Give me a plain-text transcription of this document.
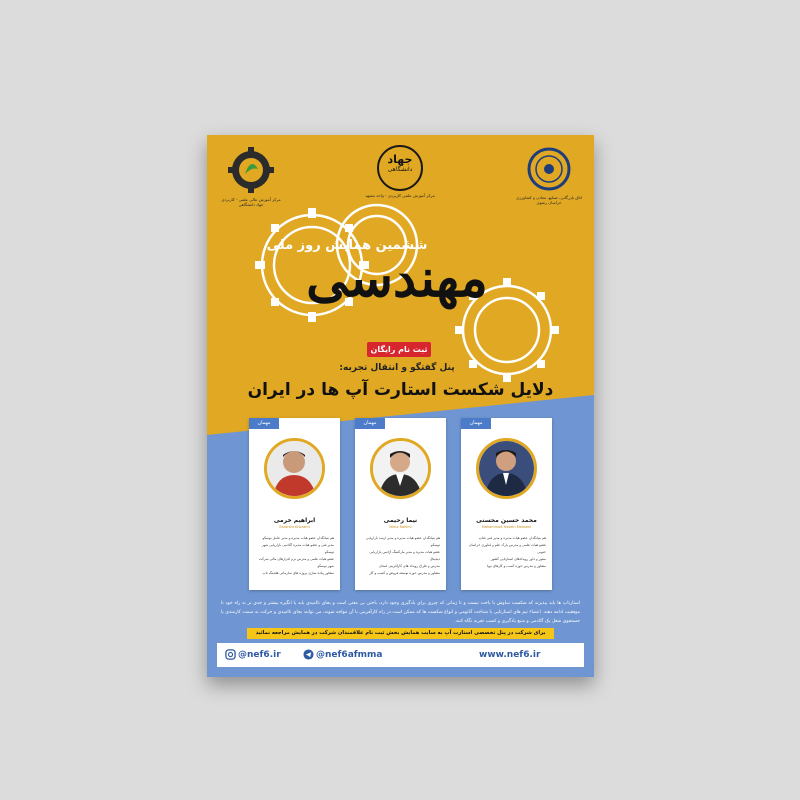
مرکز آموزش عالی علمی - کاربردی
جهاد دانشگاهی
جهاد
دانشگاهی
مرکز آموزش علمی کاربردی - واحد مشهد	اتاق بازرگانی، صنایع، معادن و کشاورزی
خراسان رضوی
ششمین همایش روز ملی
مهندسی
ثبت نام رایگان
پنل گفتگو و انتقال تجربه:
دلایل شکست استارت آپ ها در ایران
مهمان
ابراهیم خرمی
Ebrahim Khorami
هم بنیانگذار، عضو هیات مدیره و مدیر عامل توسکو
مدیر فنی و عضو هیات مدیره آکادمی بازاریابی شهر توسکو
عضو هیات علمی و مدرس نرم افزارهای مالی شرکت شهر توسکو
مشاور پیاده سازی پروژه های سازمانی هلدینگ تاپ
مهمان
نیما رحیمی
Nima Rahimi
هم بنیانگذار، عضو هیات مدیره و مدیر ارشد بازاریابی توسکو
عضو هیات مدیره و مدیر مارکتینگ آژانس بازاریابی دیجیتال
مدرس و طراح رویداد های کارآفرینی استان
مشاور و مدرس حوزه توسعه فروش و کسب و کار
مهمان
محمد حسین محسنی
Mohammad Hosein Mohseni
هم بنیانگذار، عضو هیات مدیره و مدیر فنی فناپ
عضو هیات علمی و مدرس پارک علم و فناوری خراسان جنوبی
منتور و داور رویدادهای استارتاپی کشور
مشاور و مدرس حوزه کسب و کارهای نوپا
استارتاپ ها باید بپذیرند که شکست ساوش با باخت نیست و تا زمانی که چیزی برای یادگیری وجود دارد، باختن بی معنی است و بجای ناامیدی باید با انگیزه بیشتر و جدی تر به راه خود تا موفقیت ادامه دهند. اعضاء تیم های استارتاپی با شناخت آناتومی و انواع شکست ها که ممکن است در راه کارآفرینی با آن مواجه شوند، می توانند بجای ناامیدی و حرکت به سمت کارمندی یا جستجوی شغل یک آکادمی و منبع یادگیری و کسب تجربه نگاه کنند.
برای شرکت در پنل تخصصی استارت آپ به سایت همایش بخش ثبت نام علاقمندان شرکت در همایش مراجعه نمائید
@nef6.ir	@nef6afmma	www.nef6.ir
